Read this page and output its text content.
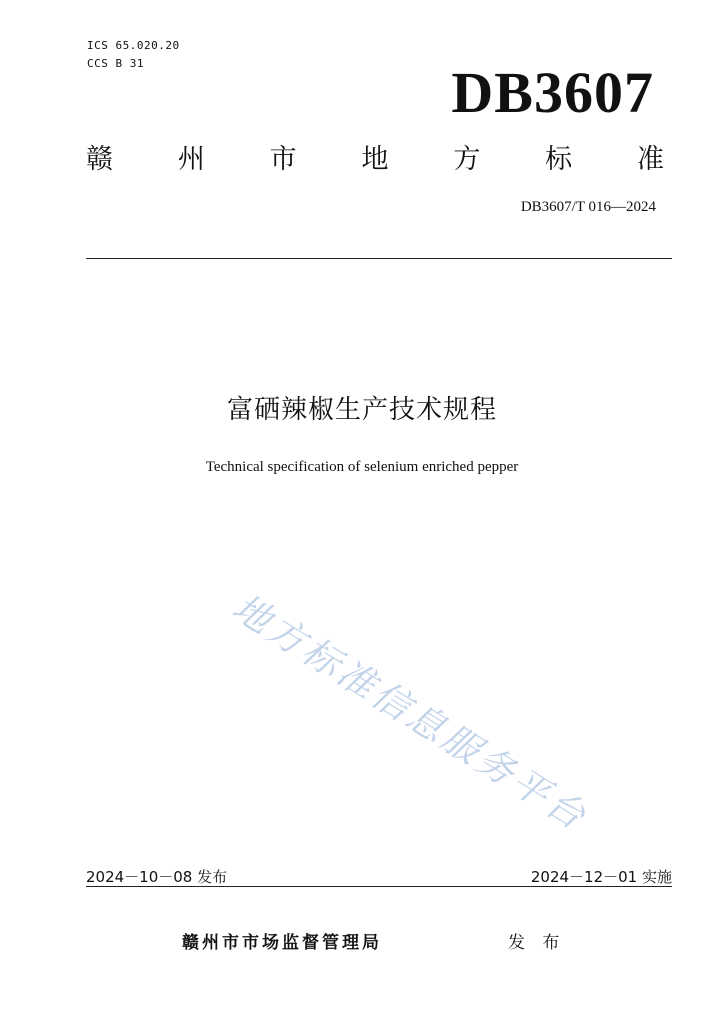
ICS 65.020.20
CCS B 31	DB3607
赣 州 市 地 方 标 准
DB3607/T 016—2024
富硒辣椒生产技术规程
Technical specification of selenium enriched pepper
地方标准信息服务平台
2024－10－08 发布	2024－12－01 实施
赣州市市场监督管理局	发 布
